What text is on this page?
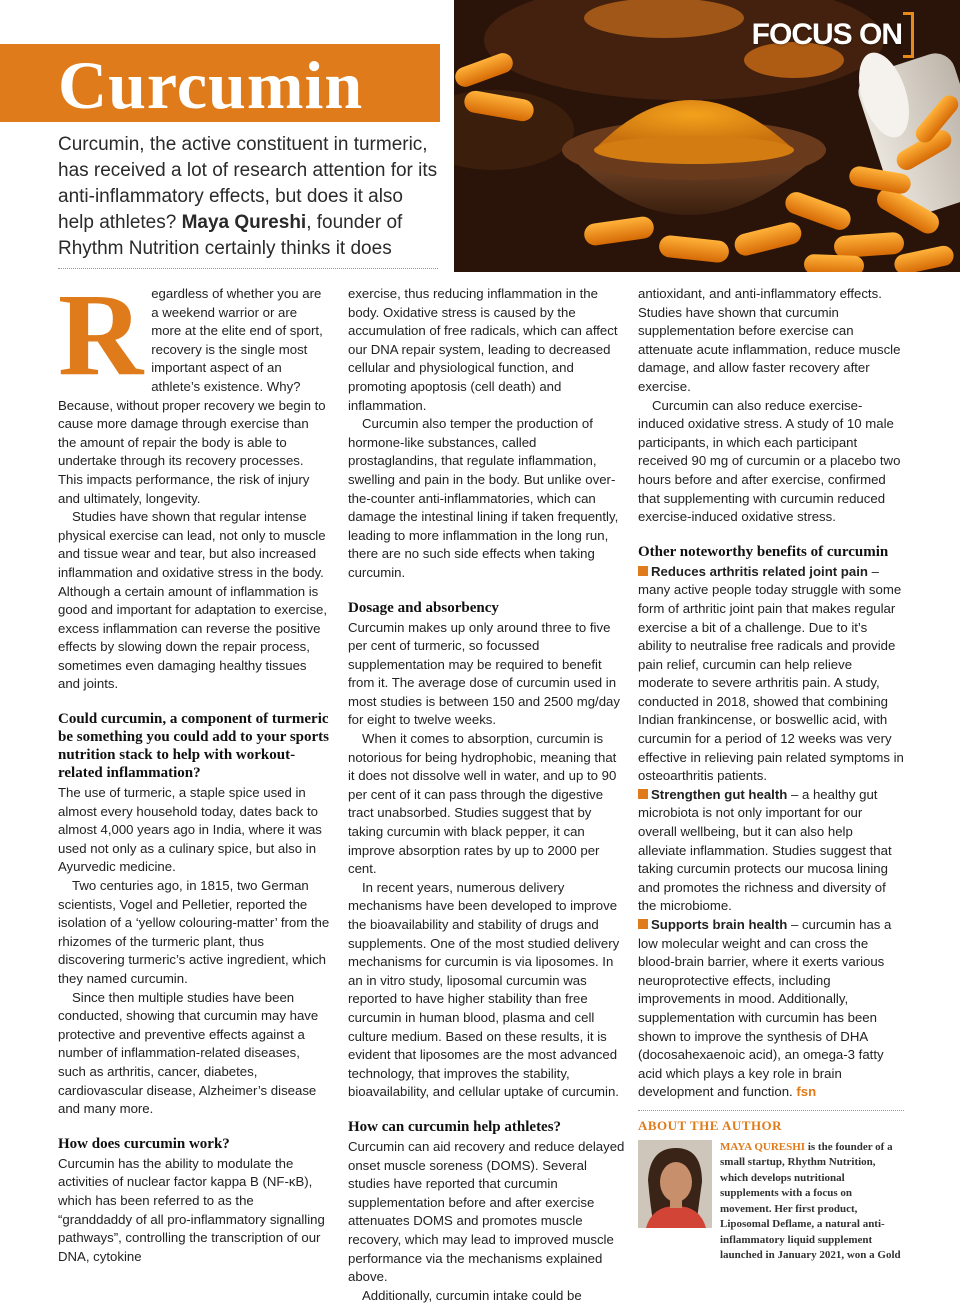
FOCUS ON
Curcumin

Curcumin, the active constituent in turmeric, has received a lot of research attention for its anti-inflammatory effects, but does it also help athletes? Maya Qureshi, founder of Rhythm Nutrition certainly thinks it does

R egardless of whether you are a weekend warrior or are more at the elite end of sport, recovery is the single most important aspect of an athlete’s existence. Why? Because, without proper recovery we begin to cause more damage through exercise than the amount of repair the body is able to undertake through its recovery processes. This impacts performance, the risk of injury and ultimately, longevity.

Studies have shown that regular intense physical exercise can lead, not only to muscle and tissue wear and tear, but also increased inflammation and oxidative stress in the body. Although a certain amount of inflammation is good and important for adaptation to exercise, excess inflammation can reverse the positive effects by slowing down the repair process, sometimes even damaging healthy tissues and joints.

Could curcumin, a component of turmeric be something you could add to your sports nutrition stack to help with workout-related inflammation?

The use of turmeric, a staple spice used in almost every household today, dates back to almost 4,000 years ago in India, where it was used not only as a culinary spice, but also in Ayurvedic medicine.

Two centuries ago, in 1815, two German scientists, Vogel and Pelletier, reported the isolation of a ‘yellow colouring-matter’ from the rhizomes of the turmeric plant, thus discovering turmeric’s active ingredient, which they named curcumin.

Since then multiple studies have been conducted, showing that curcumin may have protective and preventive effects against a number of inflammation-related diseases, such as arthritis, cancer, diabetes, cardiovascular disease, Alzheimer’s disease and many more.

How does curcumin work?

Curcumin has the ability to modulate the activities of nuclear factor kappa B (NF-κB), which has been referred to as the “granddaddy of all pro-inflammatory signalling pathways”, controlling the transcription of our DNA, cytokine

exercise, thus reducing inflammation in the body. Oxidative stress is caused by the accumulation of free radicals, which can affect our DNA repair system, leading to decreased cellular and physiological function, and promoting apoptosis (cell death) and inflammation.

Curcumin also temper the production of hormone-like substances, called prostaglandins, that regulate inflammation, swelling and pain in the body. But unlike over-the-counter anti-inflammatories, which can damage the intestinal lining if taken frequently, leading to more inflammation in the long run, there are no such side effects when taking curcumin.

Dosage and absorbency

Curcumin makes up only around three to five per cent of turmeric, so focussed supplementation may be required to benefit from it. The average dose of curcumin used in most studies is between 150 and 2500 mg/day for eight to twelve weeks.

When it comes to absorption, curcumin is notorious for being hydrophobic, meaning that it does not dissolve well in water, and up to 90 per cent of it can pass through the digestive tract unabsorbed. Studies suggest that by taking curcumin with black pepper, it can improve absorption rates by up to 2000 per cent.

In recent years, numerous delivery mechanisms have been developed to improve the bioavailability and stability of drugs and supplements. One of the most studied delivery mechanisms for curcumin is via liposomes. In an in vitro study, liposomal curcumin was reported to have higher stability than free curcumin in human blood, plasma and cell culture medium. Based on these results, it is evident that liposomes are the most advanced technology, that improves the stability, bioavailability, and cellular uptake of curcumin.

How can curcumin help athletes?

Curcumin can aid recovery and reduce delayed onset muscle soreness (DOMS). Several studies have reported that curcumin supplementation before and after exercise attenuates DOMS and promotes muscle recovery, which may lead to improved muscle performance via the mechanisms explained above.

Additionally, curcumin intake could be

antioxidant, and anti-inflammatory effects. Studies have shown that curcumin supplementation before exercise can attenuate acute inflammation, reduce muscle damage, and allow faster recovery after exercise.

Curcumin can also reduce exercise-induced oxidative stress. A study of 10 male participants, in which each participant received 90 mg of curcumin or a placebo two hours before and after exercise, confirmed that supplementing with curcumin reduced exercise-induced oxidative stress.

Other noteworthy benefits of curcumin

Reduces arthritis related joint pain – many active people today struggle with some form of arthritic joint pain that makes regular exercise a bit of a challenge. Due to it’s ability to neutralise free radicals and provide pain relief, curcumin can help relieve moderate to severe arthritis pain. A study, conducted in 2018, showed that combining Indian frankincense, or boswellic acid, with curcumin for a period of 12 weeks was very effective in relieving pain related symptoms in osteoarthritis patients.

Strengthen gut health – a healthy gut microbiota is not only important for our overall wellbeing, but it can also help alleviate inflammation. Studies suggest that taking curcumin protects our mucosa lining and promotes the richness and diversity of the microbiome.

Supports brain health – curcumin has a low molecular weight and can cross the blood-brain barrier, where it exerts various neuroprotective effects, including improvements in mood. Additionally, supplementation with curcumin has been shown to improve the synthesis of DHA (docosahexaenoic acid), an omega-3 fatty acid which plays a key role in brain development and function. fsn

ABOUT THE AUTHOR
MAYA QURESHI is the founder of a small startup, Rhythm Nutrition, which develops nutritional supplements with a focus on movement. Her first product, Liposomal Deflame, a natural anti-inflammatory liquid supplement launched in January 2021, won a Gold
